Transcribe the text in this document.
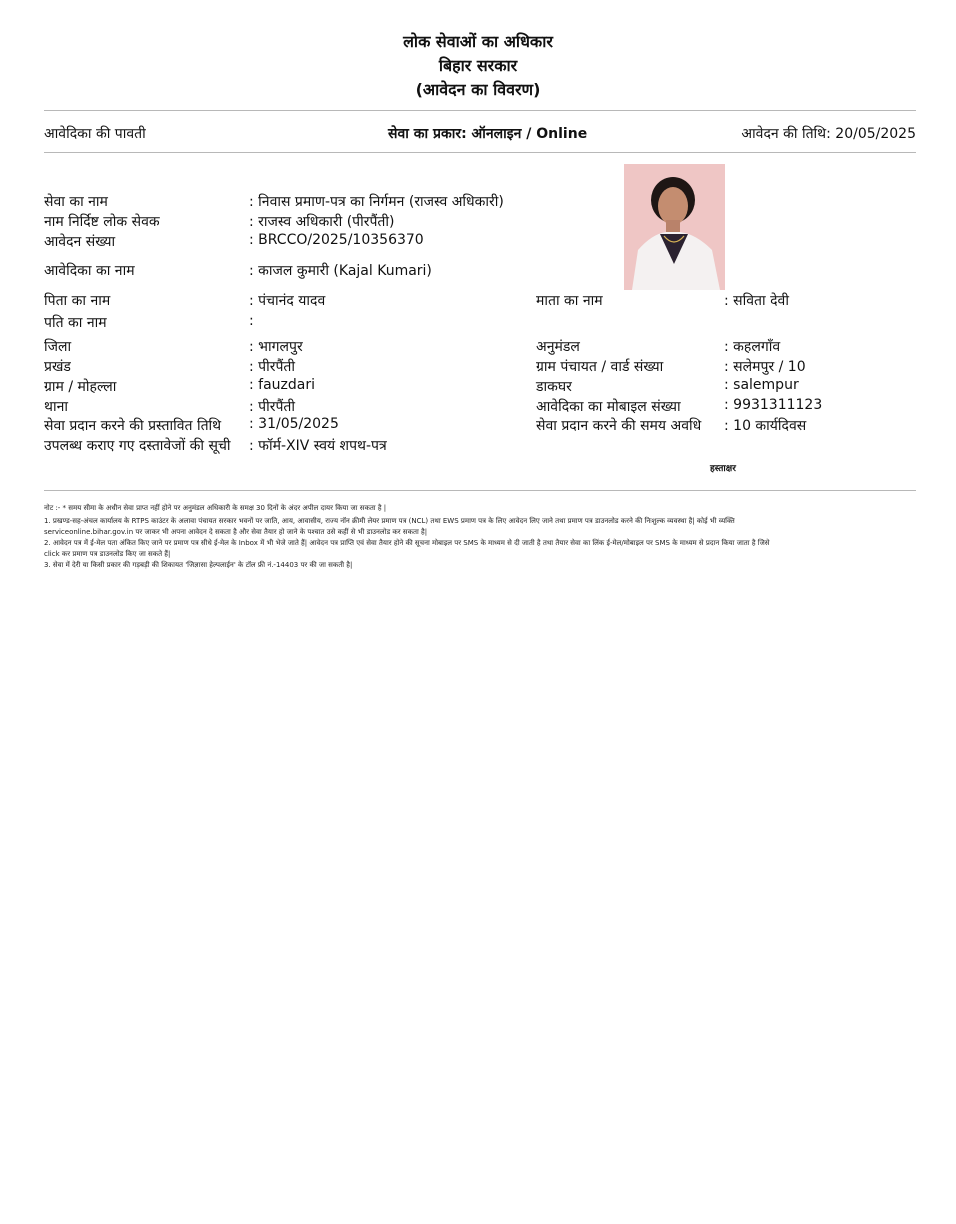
लोक सेवाओं का अधिकार
बिहार सरकार
(आवेदन का विवरण)
आवेदिका की पावती	सेवा का प्रकार: ऑनलाइन / Online	आवेदन की तिथि: 20/05/2025
सेवा का नाम	: निवास प्रमाण-पत्र का निर्गमन (राजस्व अधिकारी)
नाम निर्दिष्ट लोक सेवक	: राजस्व अधिकारी (पीरपैंती)
आवेदन संख्या	: BRCCO/2025/10356370
आवेदिका का नाम	: काजल कुमारी (Kajal Kumari)
पिता का नाम	: पंचानंद यादव	माता का नाम	: सविता देवी
पति का नाम	:
जिला	: भागलपुर	अनुमंडल	: कहलगाँव
प्रखंड	: पीरपैंती	ग्राम पंचायत / वार्ड संख्या	: सलेमपुर / 10
ग्राम / मोहल्ला	: fauzdari	डाकघर	: salempur
थाना	: पीरपैंती	आवेदिका का मोबाइल संख्या	: 9931311123
सेवा प्रदान करने की प्रस्तावित तिथि : 31/05/2025	सेवा प्रदान करने की समय अवधि : 10 कार्यदिवस
उपलब्ध कराए गए दस्तावेजों की सूची : फॉर्म-XIV स्वयं शपथ-पत्र
हस्ताक्षर
नोट :- * समय सीमा के अधीन सेवा प्राप्त नहीं होने पर अनुमंडल अधिकारी के समक्ष 30 दिनों के अंदर अपील दायर किया जा सकता है |
1. प्रखण्ड-सह-अंचल कार्यालय के RTPS काउंटर के अलावा पंचायत सरकार भवनों पर जाति, आय, आवासीय, राज्य नॉन क्रीमी लेयर प्रमाण पत्र (NCL) तथा EWS प्रमाण पत्र के लिए आवेदन लिए जाने तथा प्रमाण पत्र डाउनलोड करने की निःशुल्क व्यवस्था है| कोई भी व्यक्ति
serviceonline.bihar.gov.in पर जाकर भी अपना आवेदन दे सकता है और सेवा तैयार हो जाने के पश्चात उसे कहीं से भी डाउनलोड कर सकता है|
2. आवेदन पत्र में ई-मेल पता अंकित किए जाने पर प्रमाण पत्र सीधे ई-मेल के Inbox में भी भेजे जाते हैं| आवेदन पत्र प्राप्ति एवं सेवा तैयार होने की सूचना मोबाइल पर SMS के माध्यम से दी जाती है तथा तैयार सेवा का लिंक ई-मेल/मोबाइल पर SMS के माध्यम से प्रदान किया जाता है जिसे
click कर प्रमाण पत्र डाउनलोड किए जा सकते हैं|
3. सेवा में देरी या किसी प्रकार की गड़बड़ी की शिकायत 'जिज्ञासा हेल्पलाईन' के टॉल फ्री नं.-14403 पर की जा सकती है|
